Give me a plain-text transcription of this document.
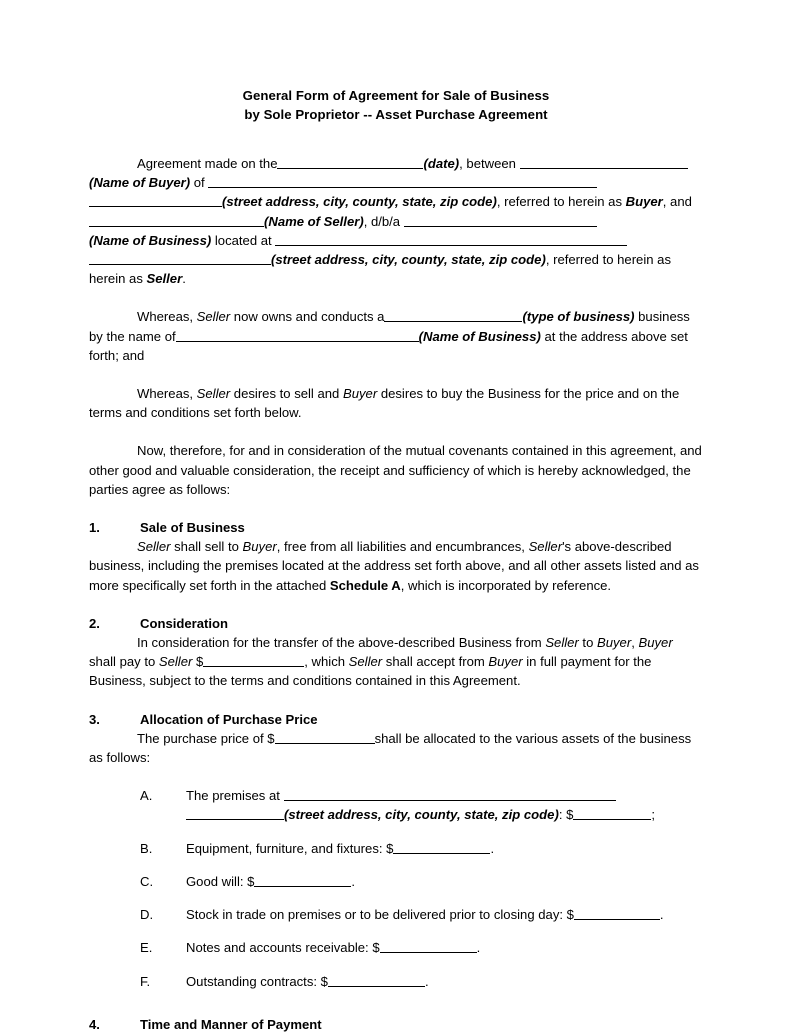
General Form of Agreement for Sale of Business
by Sole Proprietor -- Asset Purchase Agreement

Agreement made on the	(date), between
(Name of Buyer) of
(street address, city, county, state, zip code), referred to herein as Buyer, and(Name of Seller), d/b/a
(Name of Business) located at
(street address, city, county, state, zip code), referred to herein as
herein as Seller.

Whereas, Seller now owns and conducts a	(type of business) business by the name of	(Name of Business) at the address above set forth; and

Whereas, Seller desires to sell and Buyer desires to buy the Business for the price and on the terms and conditions set forth below.

Now, therefore, for and in consideration of the mutual covenants contained in this agreement, and other good and valuable consideration, the receipt and sufficiency of which is hereby acknowledged, the parties agree as follows:

1.	Sale of Business
Seller shall sell to Buyer, free from all liabilities and encumbrances, Seller's above-described business, including the premises located at the address set forth above, and all other assets listed and as more specifically set forth in the attached Schedule A, which is incorporated by reference.
2.	Consideration
In consideration for the transfer of the above-described Business from Seller to Buyer, Buyer shall pay to Seller $	, which Seller shall accept from Buyer in full payment for the Business, subject to the terms and conditions contained in this Agreement.
3.	Allocation of Purchase Price
The purchase price of $	shall be allocated to the various assets of the business as follows:
A.	The premises at
(street address, city, county, state, zip code): $	;
B.	Equipment, furniture, and fixtures: $	.
C.	Good will: $	.
D.	Stock in trade on premises or to be delivered prior to closing day: $	.
E.	Notes and accounts receivable: $	.
F.	Outstanding contracts: $	.
4.	Time and Manner of Payment
